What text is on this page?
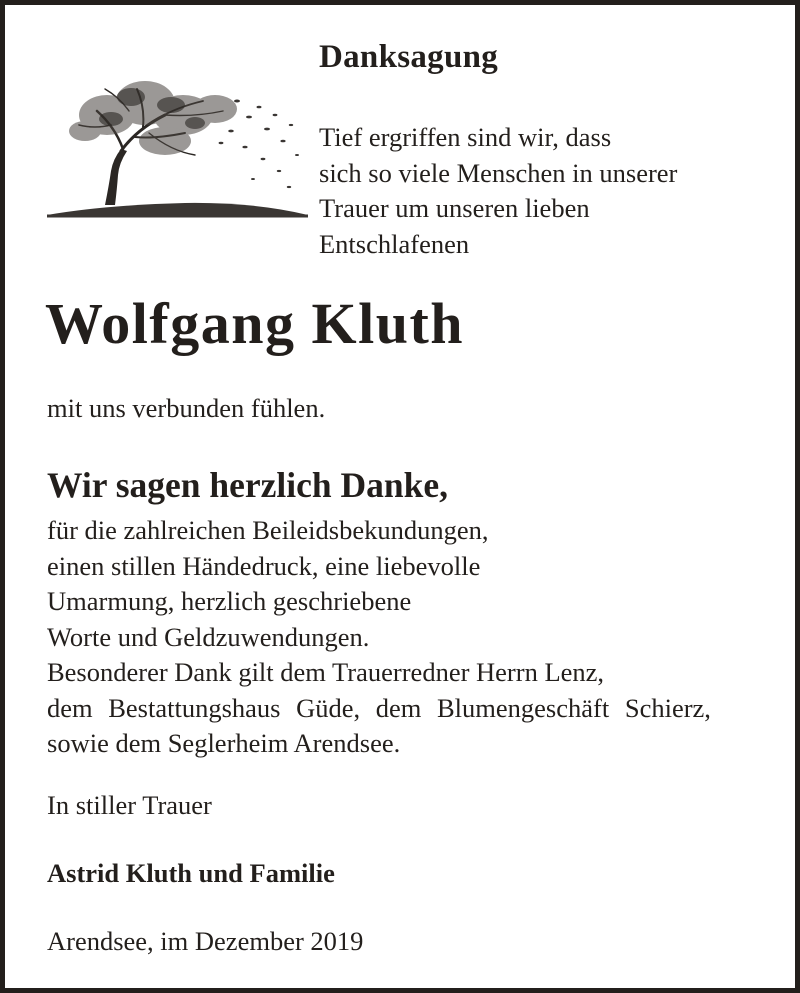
Danksagung
Tief ergriffen sind wir, dass
sich so viele Menschen in unserer
Trauer um unseren lieben
Entschlafenen
Wolfgang Kluth

mit uns verbunden fühlen.

Wir sagen herzlich Danke,
für die zahlreichen Beileidsbekundungen,
einen stillen Händedruck, eine liebevolle
Umarmung, herzlich geschriebene
Worte und Geldzuwendungen.
Besonderer Dank gilt dem Trauerredner Herrn Lenz,
dem Bestattungshaus Güde, dem Blumengeschäft Schierz,
sowie dem Seglerheim Arendsee.

In stiller Trauer

Astrid Kluth und Familie

Arendsee, im Dezember 2019
